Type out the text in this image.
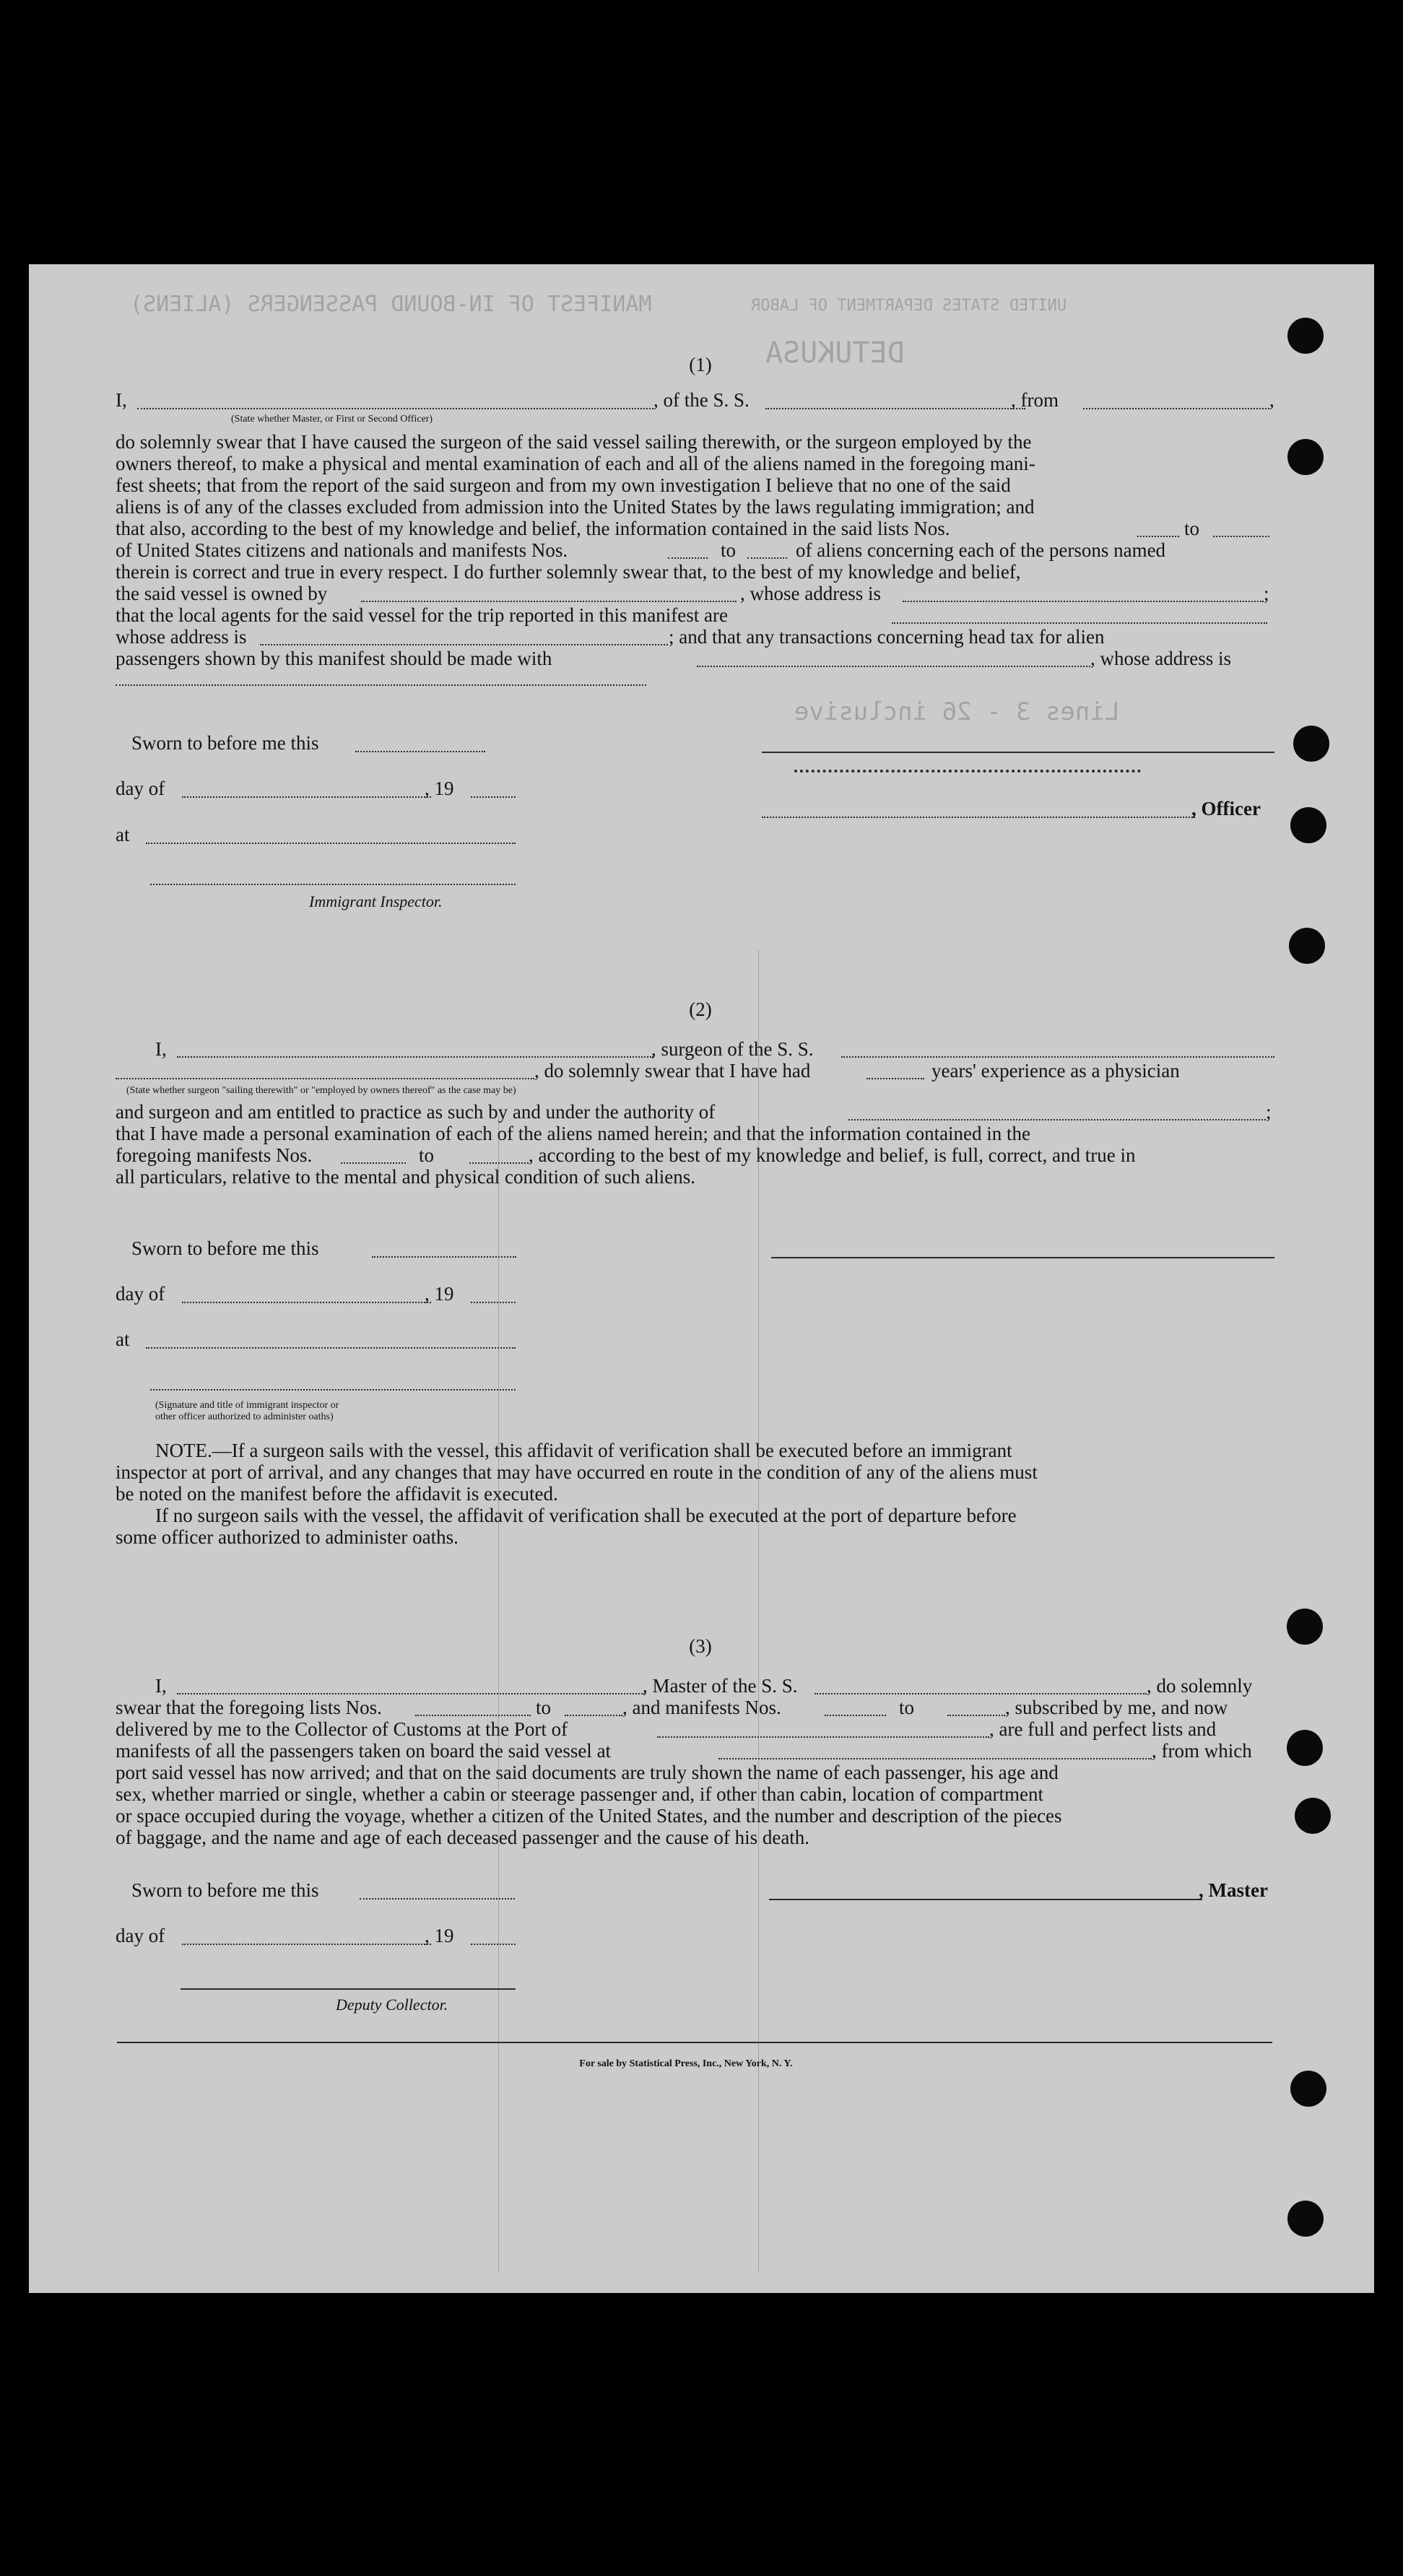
MANIFEST OF IN-BOUND PASSENGERS (ALIENS)	UNITED STATES DEPARTMENT OF LABOR
DETUKUSA
Lines 3 - 26 inclusive
(1)
I,	, of the S. S.	, from	,
(State whether Master, or First or Second Officer)
do solemnly swear that I have caused the surgeon of the said vessel sailing therewith, or the surgeon employed by the
owners thereof, to make a physical and mental examination of each and all of the aliens named in the foregoing mani-
fest sheets; that from the report of the said surgeon and from my own investigation I believe that no one of the said
aliens is of any of the classes excluded from admission into the United States by the laws regulating immigration; and
that also, according to the best of my knowledge and belief, the information contained in the said lists Nos.	to
of United States citizens and nationals and manifests Nos.	to	of aliens concerning each of the persons named
therein is correct and true in every respect. I do further solemnly swear that, to the best of my knowledge and belief,
the said vessel is owned by	, whose address is	;
that the local agents for the said vessel for the trip reported in this manifest are
whose address is	; and that any transactions concerning head tax for alien
passengers shown by this manifest should be made with	, whose address is
Sworn to before me this
day of	, 19
, Officer
at
Immigrant Inspector.
(2)
I,	, surgeon of the S. S.
, do solemnly swear that I have had	years' experience as a physician
(State whether surgeon "sailing therewith" or "employed by owners thereof" as the case may be)
and surgeon and am entitled to practice as such by and under the authority of	;
that I have made a personal examination of each of the aliens named herein; and that the information contained in the
foregoing manifests Nos.	to	, according to the best of my knowledge and belief, is full, correct, and true in
all particulars, relative to the mental and physical condition of such aliens.
Sworn to before me this
day of	, 19
at
(Signature and title of immigrant inspector or
other officer authorized to administer oaths)
NOTE.—If a surgeon sails with the vessel, this affidavit of verification shall be executed before an immigrant
inspector at port of arrival, and any changes that may have occurred en route in the condition of any of the aliens must
be noted on the manifest before the affidavit is executed.
If no surgeon sails with the vessel, the affidavit of verification shall be executed at the port of departure before
some officer authorized to administer oaths.
(3)
I,	, Master of the S. S.	, do solemnly
swear that the foregoing lists Nos.	to	, and manifests Nos.	to	, subscribed by me, and now
delivered by me to the Collector of Customs at the Port of	, are full and perfect lists and
manifests of all the passengers taken on board the said vessel at	, from which
port said vessel has now arrived; and that on the said documents are truly shown the name of each passenger, his age and
sex, whether married or single, whether a cabin or steerage passenger and, if other than cabin, location of compartment
or space occupied during the voyage, whether a citizen of the United States, and the number and description of the pieces
of baggage, and the name and age of each deceased passenger and the cause of his death.
Sworn to before me this	, Master
day of	, 19
Deputy Collector.
For sale by Statistical Press, Inc., New York, N. Y.
